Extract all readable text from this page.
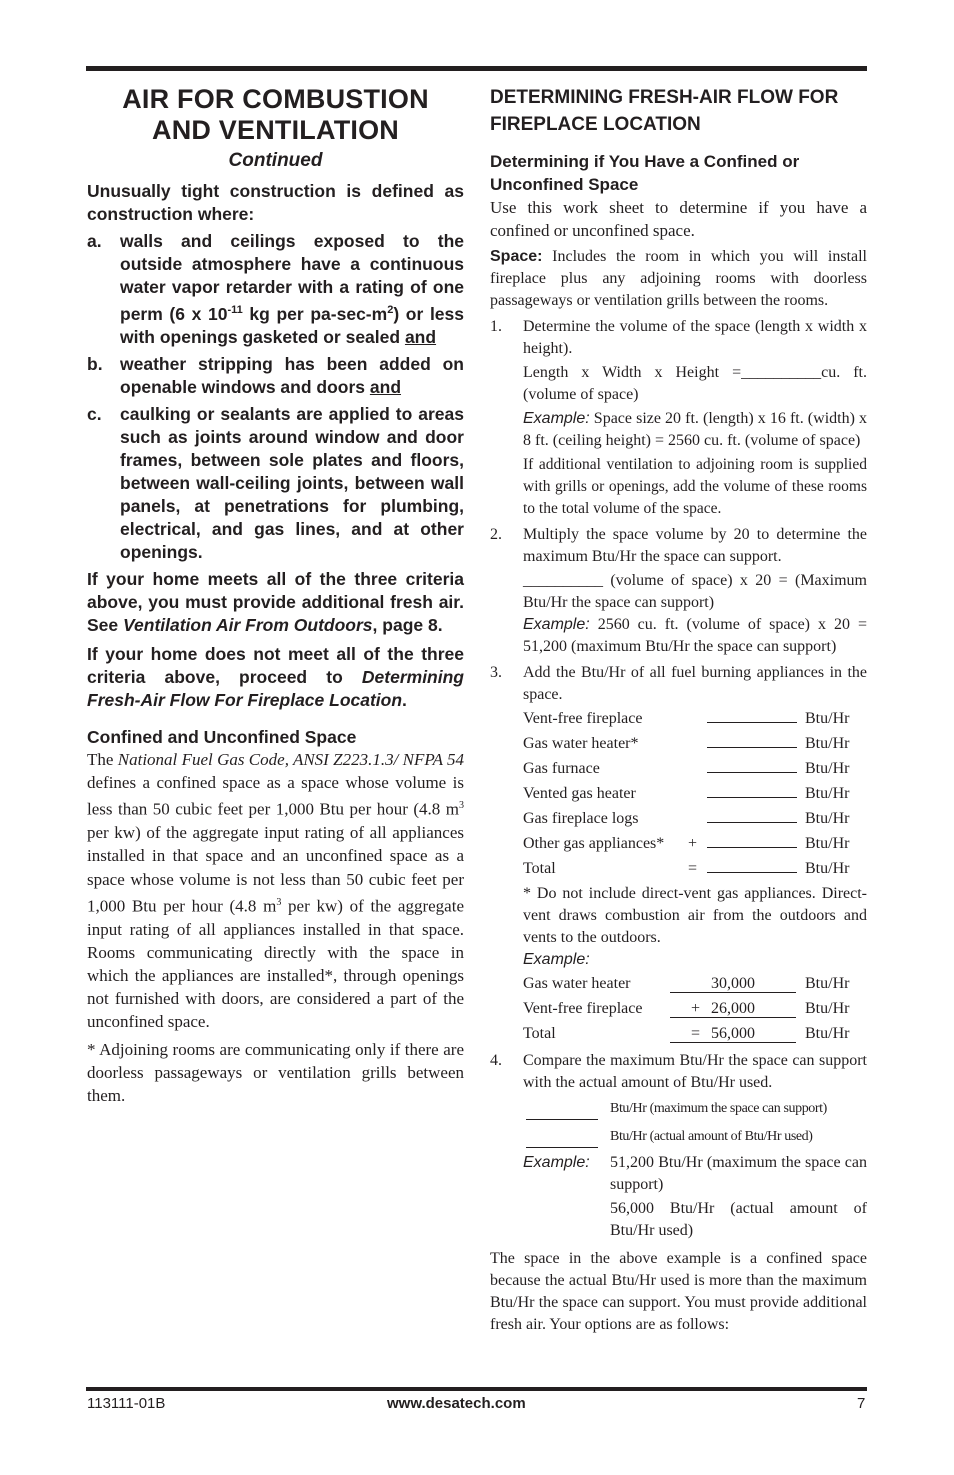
AIR FOR COMBUSTION
AND VENTILATION
Continued

Unusually tight construction is defined as construction where:

a.	walls and ceilings exposed to the outside atmosphere have a continuous water vapor retarder with a rating of one perm (6 x $10^{-11}$ kg per $pa-\sec-m^2$) or less with openings gasketed or sealed and
b. weather stripping has been added on openable windows and doors and
c.	caulking or sealants are applied to areas such as joints around window and door frames, between sole plates and floors, between wall-ceiling joints, between wall panels, at penetrations for plumbing, electrical, and gas lines, and at other openings.

If your home meets all of the three criteria above, you must provide additional fresh air. See Ventilation Air From Outdoors, page 8.

If your home does not meet all of the three criteria above, proceed to Determining Fresh-Air Flow For Fireplace Location.

Confined and Unconfined Space

The National Fuel Gas Code, ANSI Z223.1.3/ NFPA 54 defines a confined space as a space whose volume is less than 50 cubic feet per 1,000 Btu per hour (4.8 $m^3$ per kw) of the aggregate input rating of all appliances installed in that space and an unconfined space as a space whose volume is not less than 50 cubic feet per 1,000 Btu per hour (4.8 $m^3$ per kw) of the aggregate input rating of all appliances installed in that space. Rooms communicating directly with the space in which the appliances are installed*, through openings not furnished with doors, are considered a part of the unconfined space.

* Adjoining rooms are communicating only if there are doorless passageways or ventilation grills between them.

DETERMINING FRESH-AIR FLOW FOR FIREPLACE LOCATION
Determining if You Have a Confined or Unconfined Space

Use this work sheet to determine if you have a confined or unconfined space.

Space: Includes the room in which you will install fireplace plus any adjoining rooms with doorless passageways or ventilation grills between the rooms.

1.	Determine the volume of the space (length x width x height).
Length x Width x Height =__________cu. ft. (volume of space)
Example: Space size 20 ft. (length) x 16 ft. (width) x 8 ft. (ceiling height) = 2560 cu. ft. (volume of space)
If additional ventilation to adjoining room is supplied with grills or openings, add the volume of these rooms to the total volume of the space.
2.	Multiply the space volume by 20 to determine the maximum Btu/Hr the space can support.
__________ (volume of space) x 20 = (Maximum Btu/Hr the space can support)
Example: 2560 cu. ft. (volume of space) x 20 = 51,200 (maximum Btu/Hr the space can support)
3.	Add the Btu/Hr of all fuel burning appliances in the space.
Vent-free fireplace			Btu/Hr
Gas water heater*			Btu/Hr
Gas furnace			Btu/Hr
Vented gas heater			Btu/Hr
Gas fireplace logs			Btu/Hr
Other gas appliances*	+		Btu/Hr
Total	=		Btu/Hr
* Do not include direct-vent gas appliances. Direct-vent draws combustion air from the outdoors and vents to the outdoors.
Example:
Gas water heater	30,000	Btu/Hr
Vent-free fireplace	+ 26,000	Btu/Hr
Total	= 56,000	Btu/Hr
4.	Compare the maximum Btu/Hr the space can support with the actual amount of Btu/Hr used.
Btu/Hr (maximum the space can support)
Btu/Hr (actual amount of Btu/Hr used)
Example:	51,200 Btu/Hr (maximum the space can support)
56,000 Btu/Hr (actual amount of Btu/Hr used)

The space in the above example is a confined space because the actual Btu/Hr used is more than the maximum Btu/Hr the space can support. You must provide additional fresh air. Your options are as follows:

113111-01B	www.desatech.com	7
